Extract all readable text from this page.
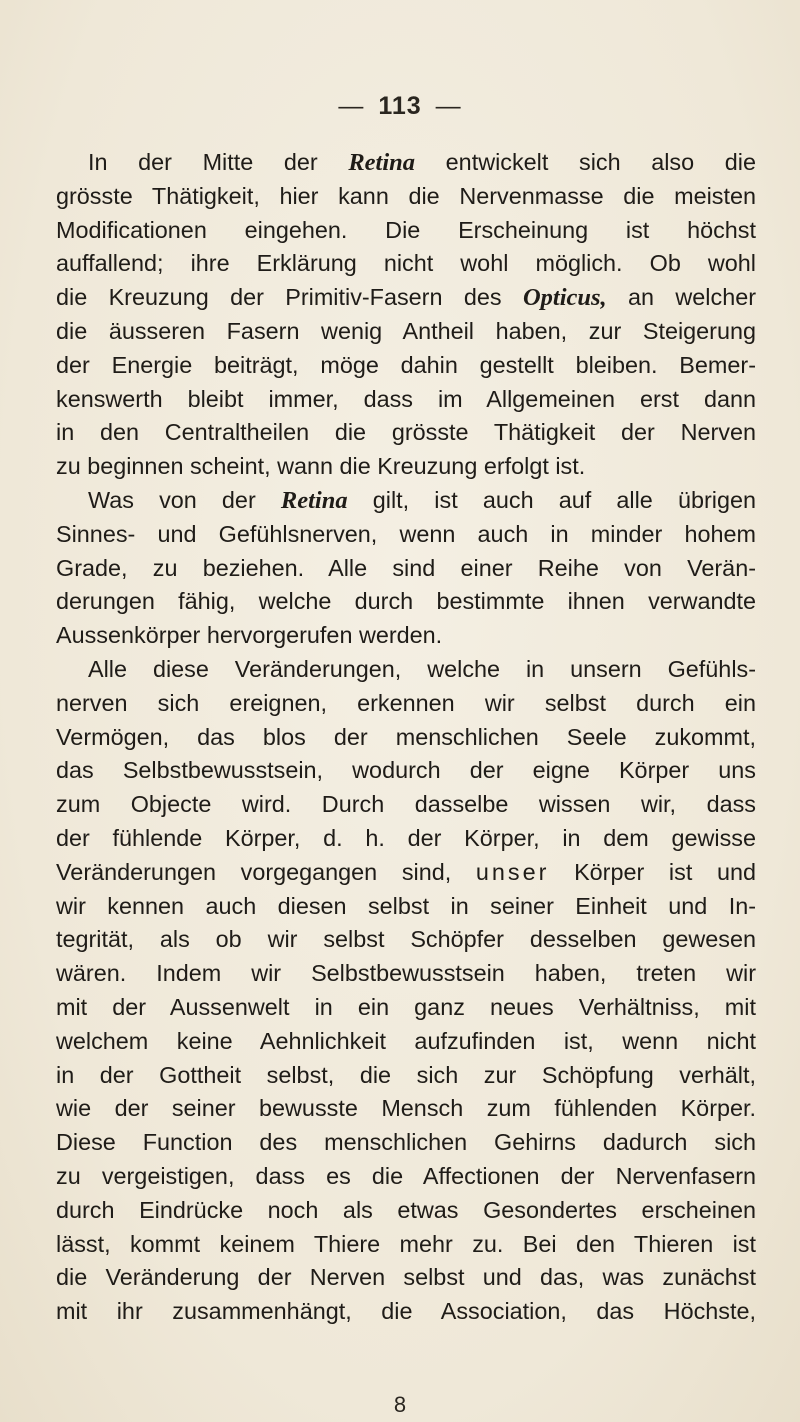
— 113 —
In der Mitte der Retina entwickelt sich also die
grösste Thätigkeit, hier kann die Nervenmasse die meisten
Modificationen eingehen. Die Erscheinung ist höchst
auffallend; ihre Erklärung nicht wohl möglich. Ob wohl
die Kreuzung der Primitiv-Fasern des Opticus, an welcher
die äusseren Fasern wenig Antheil haben, zur Steigerung
der Energie beiträgt, möge dahin gestellt bleiben. Bemer-
kenswerth bleibt immer, dass im Allgemeinen erst dann
in den Centraltheilen die grösste Thätigkeit der Nerven
zu beginnen scheint, wann die Kreuzung erfolgt ist.
Was von der Retina gilt, ist auch auf alle übrigen
Sinnes- und Gefühlsnerven, wenn auch in minder hohem
Grade, zu beziehen. Alle sind einer Reihe von Verän-
derungen fähig, welche durch bestimmte ihnen verwandte
Aussenkörper hervorgerufen werden.
Alle diese Veränderungen, welche in unsern Gefühls-
nerven sich ereignen, erkennen wir selbst durch ein
Vermögen, das blos der menschlichen Seele zukommt,
das Selbstbewusstsein, wodurch der eigne Körper uns
zum Objecte wird. Durch dasselbe wissen wir, dass
der fühlende Körper, d. h. der Körper, in dem gewisse
Veränderungen vorgegangen sind, unser Körper ist und
wir kennen auch diesen selbst in seiner Einheit und In-
tegrität, als ob wir selbst Schöpfer desselben gewesen
wären. Indem wir Selbstbewusstsein haben, treten wir
mit der Aussenwelt in ein ganz neues Verhältniss, mit
welchem keine Aehnlichkeit aufzufinden ist, wenn nicht
in der Gottheit selbst, die sich zur Schöpfung verhält,
wie der seiner bewusste Mensch zum fühlenden Körper.
Diese Function des menschlichen Gehirns dadurch sich
zu vergeistigen, dass es die Affectionen der Nervenfasern
durch Eindrücke noch als etwas Gesondertes erscheinen
lässt, kommt keinem Thiere mehr zu. Bei den Thieren ist
die Veränderung der Nerven selbst und das, was zunächst
mit ihr zusammenhängt, die Association, das Höchste,
8
